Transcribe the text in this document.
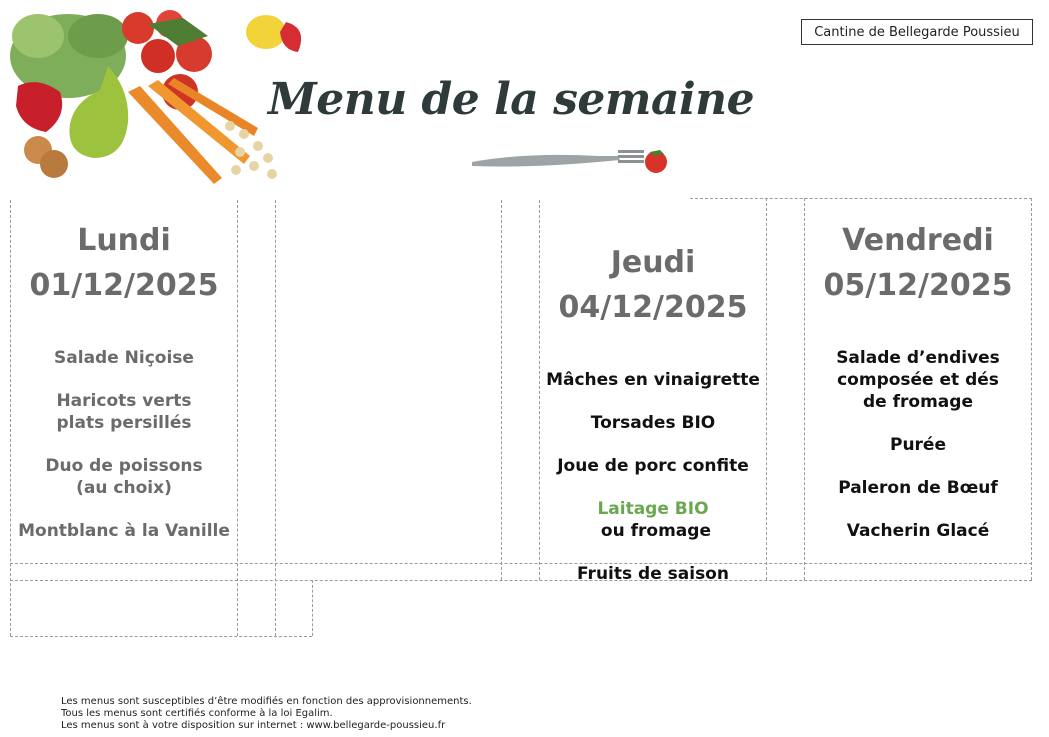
Menu de la semaine
Cantine de Bellegarde Poussieu
Lundi
01/12/2025
Salade Niçoise
Haricots verts plats persillés
Duo de poissons (au choix)
Montblanc à la Vanille
Jeudi
04/12/2025
Mâches en vinaigrette
Torsades BIO
Joue de porc confite
Laitage BIO ou fromage
Fruits de saison
Vendredi
05/12/2025
Salade d’endives composée et dés de fromage
Purée
Paleron de Bœuf
Vacherin Glacé
Les menus sont susceptibles d’être modifiés en fonction des approvisionnements.
Tous les menus sont certifiés conforme à la loi Egalim.
Les menus sont à votre disposition sur internet : www.bellegarde-poussieu.fr
